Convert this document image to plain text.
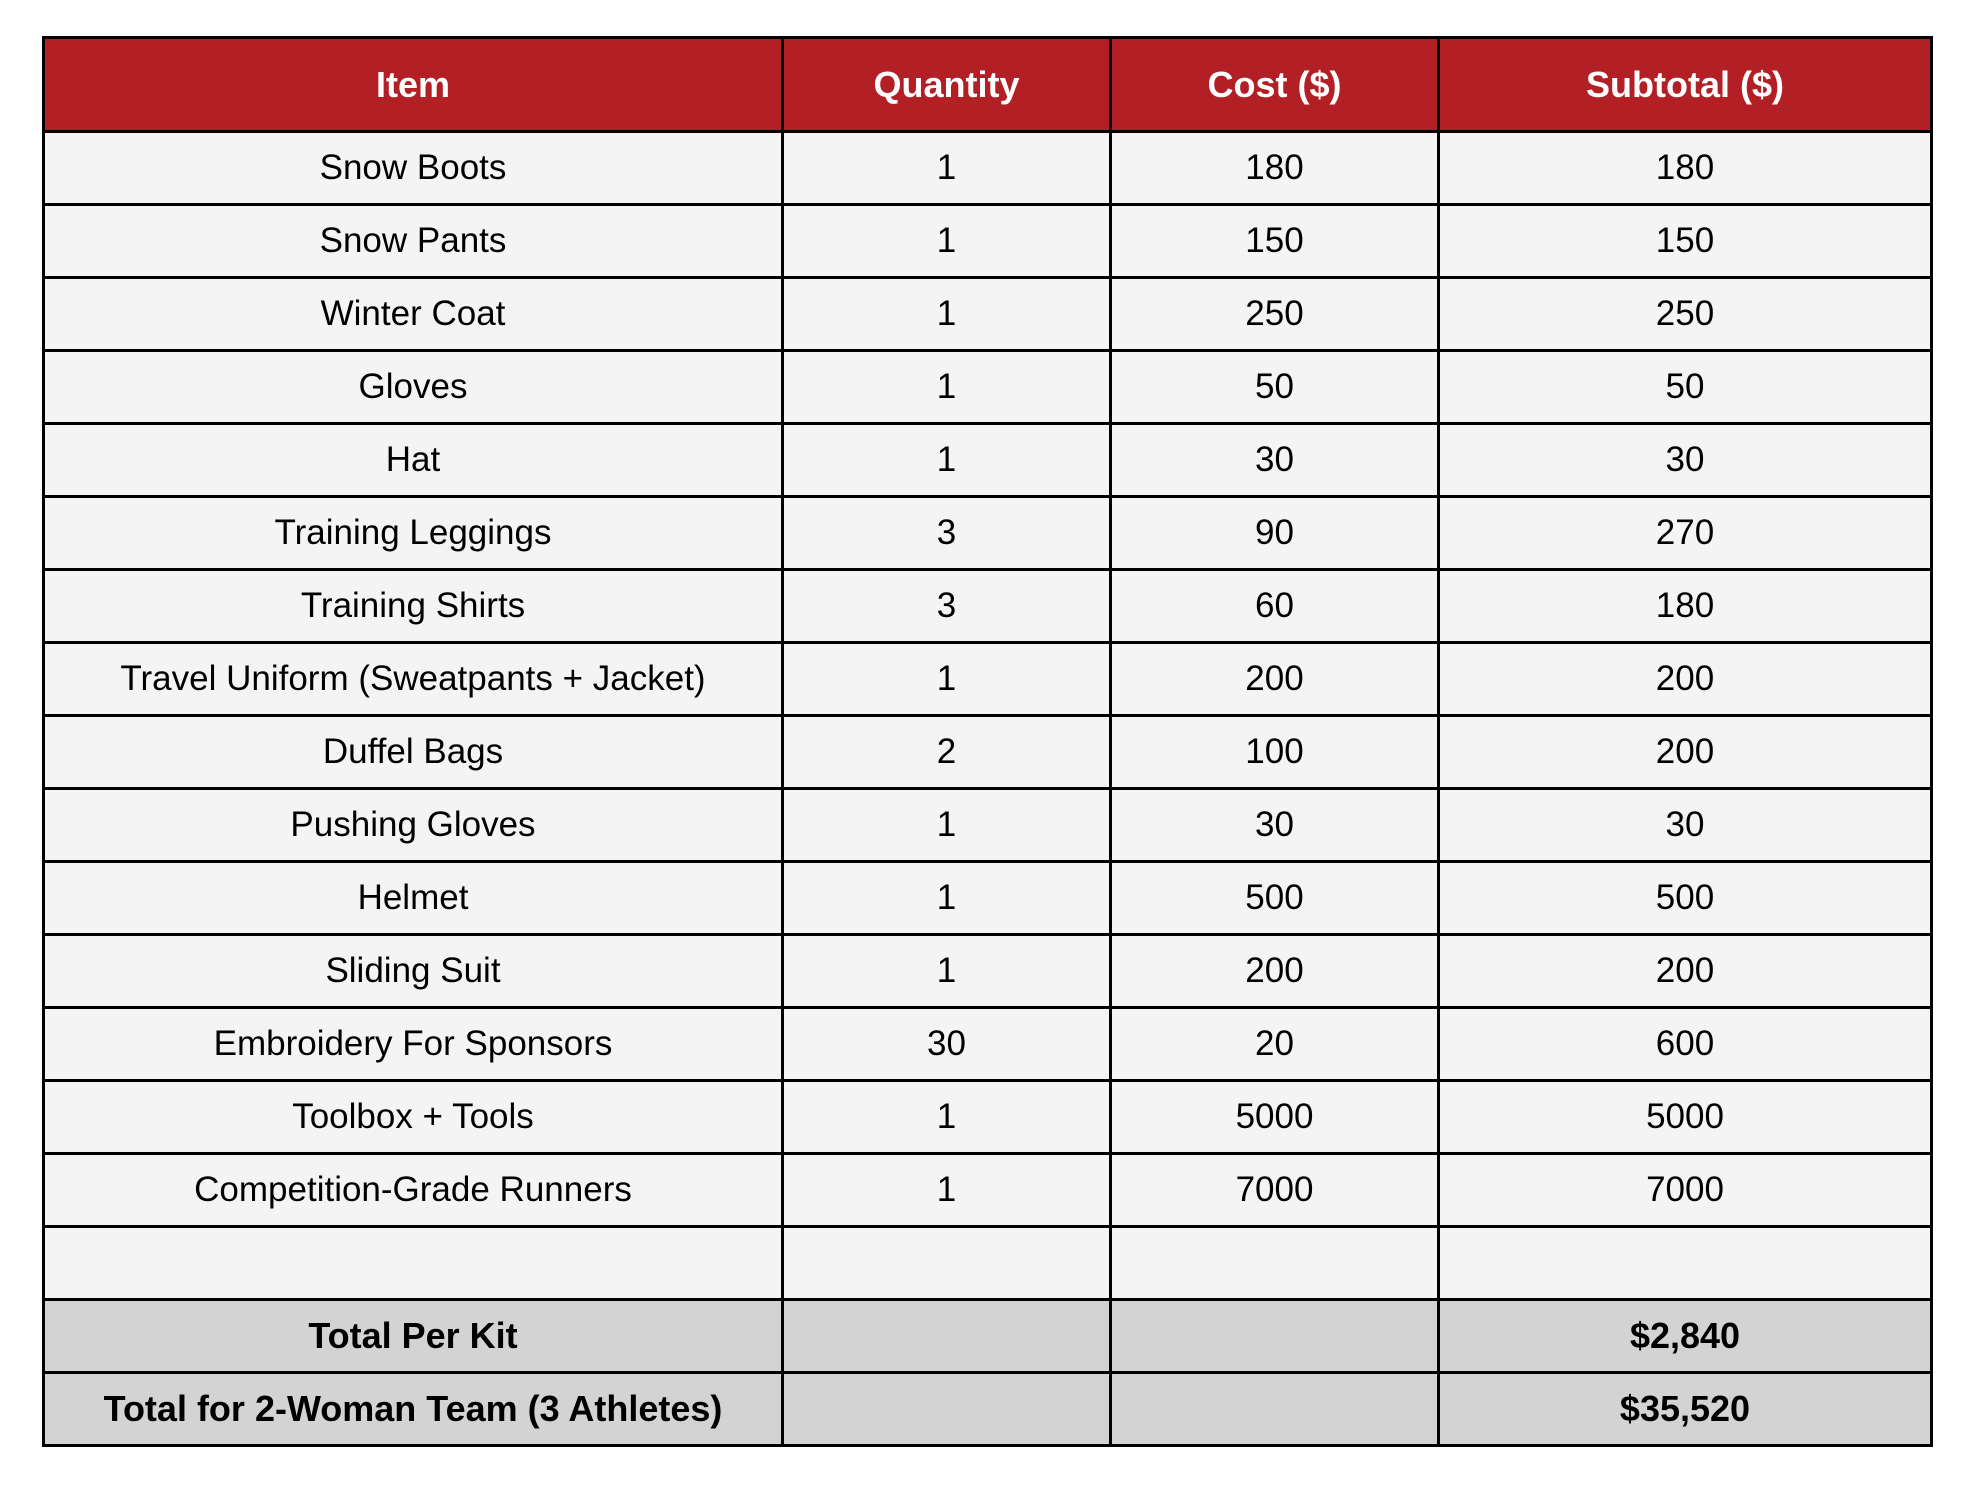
Item	Quantity	Cost ($)	Subtotal ($)
Snow Boots	1	180	180
Snow Pants	1	150	150
Winter Coat	1	250	250
Gloves	1	50	50
Hat	1	30	30
Training Leggings	3	90	270
Training Shirts	3	60	180
Travel Uniform (Sweatpants + Jacket)	1	200	200
Duffel Bags	2	100	200
Pushing Gloves	1	30	30
Helmet	1	500	500
Sliding Suit	1	200	200
Embroidery For Sponsors	30	20	600
Toolbox + Tools	1	5000	5000
Competition-Grade Runners	1	7000	7000

Total Per Kit			$2,840
Total for 2-Woman Team (3 Athletes)			$35,520
